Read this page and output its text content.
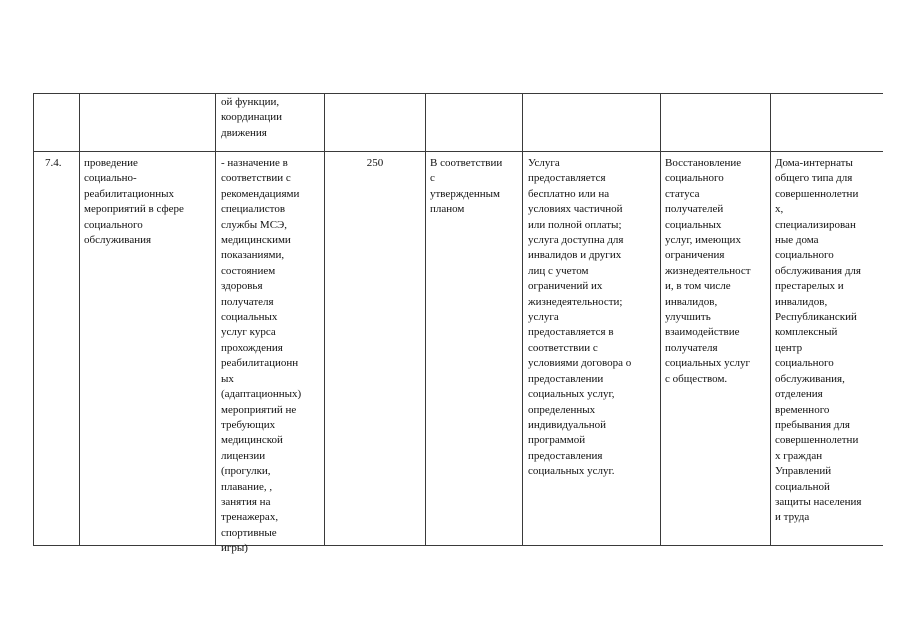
ой функции,
координации
движения
7.4.	проведение
социально-
реабилитационных
мероприятий в сфере
социального
обслуживания
- назначение в
соответствии с
рекомендациями
специалистов
службы МСЭ,
медицинскими
показаниями,
состоянием
здоровья
получателя
социальных
услуг курса
прохождения
реабилитационн
ых
(адаптационных)
мероприятий не
требующих
медицинской
лицензии
(прогулки,
плавание, ,
занятия на
тренажерах,
спортивные
игры)
250	В соответствии
с
утвержденным
планом
Услуга
предоставляется
бесплатно или на
условиях частичной
или полной оплаты;
услуга доступна для
инвалидов и других
лиц с учетом
ограничений их
жизнедеятельности;
услуга
предоставляется в
соответствии с
условиями договора о
предоставлении
социальных услуг,
определенных
индивидуальной
программой
предоставления
социальных услуг.
Восстановление
социального
статуса
получателей
социальных
услуг, имеющих
ограничения
жизнедеятельност
и, в том числе
инвалидов,
улучшить
взаимодействие
получателя
социальных услуг
с обществом.
Дома-интернаты
общего типа для
совершеннолетни
х,
специализирован
ные дома
социального
обслуживания для
престарелых и
инвалидов,
Республиканский
комплексный
центр
социального
обслуживания,
отделения
временного
пребывания для
совершеннолетни
х граждан
Управлений
социальной
защиты населения
и труда
